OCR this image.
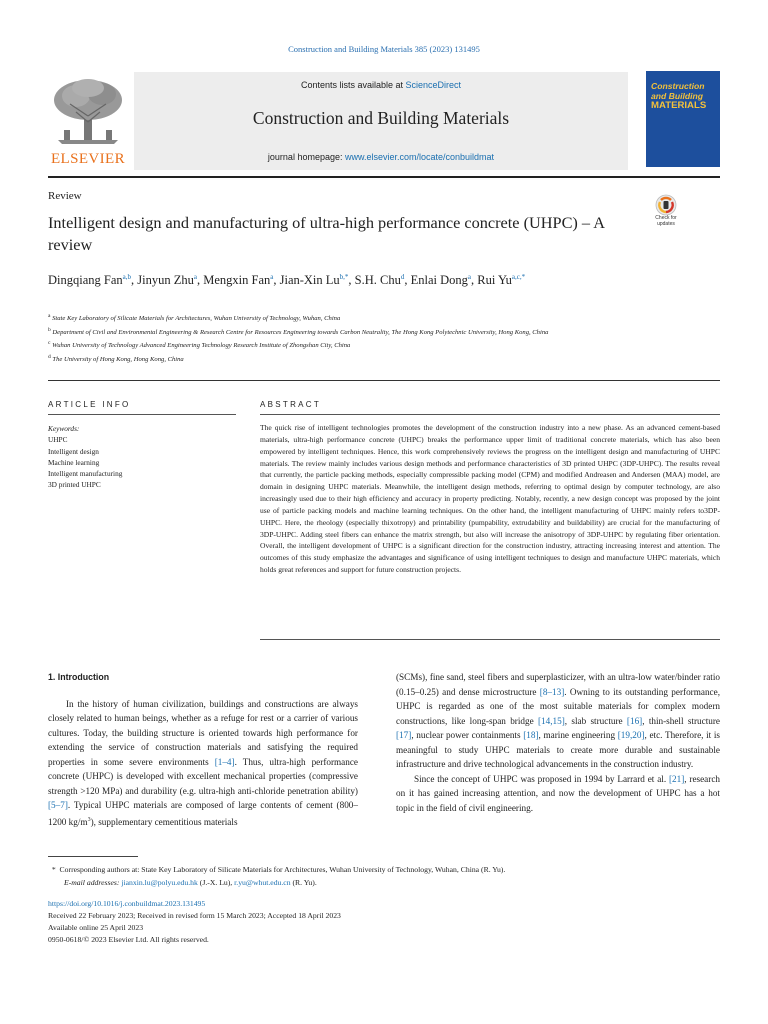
Construction and Building Materials 385 (2023) 131495
ELSEVIER
Contents lists available at ScienceDirect
Construction and Building Materials
journal homepage: www.elsevier.com/locate/conbuildmat
Construction
and Building
MATERIALS
Review
Intelligent design and manufacturing of ultra-high performance concrete (UHPC) – A review
Check for
updates
Dingqiang Fan$^{a,b}$, Jinyun Zhu$^a$, Mengxin Fan$^a$, Jian-Xin $Lu^{b,*}$, S.H. Chu$^d$, Enlai Dong$^a$, Rui $Yu^{a,c,*}$
$^a$ State Key Laboratory of Silicate Materials for Architectures, Wuhan University of Technology, Wuhan, China
$^b$ Department of Civil and Environmental Engineering & Research Centre for Resources Engineering towards Carbon Neutrality, The Hong Kong Polytechnic University, Hong Kong, China
$^c$ Wuhan University of Technology Advanced Engineering Technology Research Institute of Zhongshan City, China
$^d$ The University of Hong Kong, Hong Kong, China
ARTICLE INFO	ABSTRACT
Keywords:
UHPC
Intelligent design
Machine learning
Intelligent manufacturing
3D printed UHPC
The quick rise of intelligent technologies promotes the development of the construction industry into a new phase. As an advanced cement-based materials, ultra-high performance concrete (UHPC) breaks the performance upper limit of traditional concrete materials, which has also been empowered by intelligent techniques. Hence, this work comprehensively reviews the progress on the intelligent design and manufacturing of UHPC materials. The review mainly includes various design methods and performance characteristics of 3D printed UHPC (3DP-UHPC). The results reveal that currently, the particle packing methods, especially compressible packing model (CPM) and modified Andreasen and Andersen (MAA) model, are domain in designing UHPC materials. Meanwhile, the intelligent design methods, referring to optimal design by computer technology, are also increasingly used due to their high efficiency and accuracy in property predicting. Notably, recently, a new design concept was proposed by the joint use of particle packing models and machine learning techniques. On the other hand, the intelligent manufacturing of UHPC mainly refers to3DP-UHPC. Here, the rheology (especially thixotropy) and printability (pumpability, extrudability and buildability) are crucial for the manufacturing of 3DP-UHPC. Adding steel fibers can enhance the matrix strength, but also will increase the anisotropy of 3DP-UHPC by regulating fiber orientation. Overall, the intelligent development of UHPC is a significant direction for the construction industry, attracting increasing interest and attention. The outcomes of this study emphasize the advantages and significance of using intelligent techniques to design and manufacture UHPC materials, which holds great references and support for future construction projects.
1. Introduction

In the history of human civilization, buildings and constructions are always closely related to human beings, whether as a refuge for rest or a carrier of various cultures. Today, the building structure is oriented towards high performance for extending the service of construction materials and satisfying the required properties in some severe environments [1–4]. Thus, ultra-high performance concrete (UHPC) is developed with excellent mechanical properties (compressive strength >120 MPa) and durability (e.g. ultra-high anti-chloride penetration ability) [5–7]. Typical UHPC materials are composed of large contents of cement (800–1200 $kg/m^3$), supplementary cementitious materials

(SCMs), fine sand, steel fibers and superplasticizer, with an ultra-low water/binder ratio (0.15–0.25) and dense microstructure [8–13]. Owning to its outstanding performance, UHPC is regarded as one of the most suitable materials for complex modern constructions, like long-span bridge [14,15], slab structure [16], thin-shell structure [17], nuclear power containments [18], marine engineering [19,20], etc. Therefore, it is meaningful to study UHPC materials to create more durable and sustainable infrastructure and drive technological advancements in the construction industry.

Since the concept of UHPC was proposed in 1994 by Larrard et al. [21], research on it has gained increasing attention, and now the development of UHPC has a hot topic in the field of civil engineering.

*  Corresponding authors at: State Key Laboratory of Silicate Materials for Architectures, Wuhan University of Technology, Wuhan, China (R. Yu).
E-mail addresses: jianxin.lu@polyu.edu.hk (J.-X. Lu), r.yu@whut.edu.cn (R. Yu).
https://doi.org/10.1016/j.conbuildmat.2023.131495
Received 22 February 2023; Received in revised form 15 March 2023; Accepted 18 April 2023
Available online 25 April 2023
0950-0618/© 2023 Elsevier Ltd. All rights reserved.
